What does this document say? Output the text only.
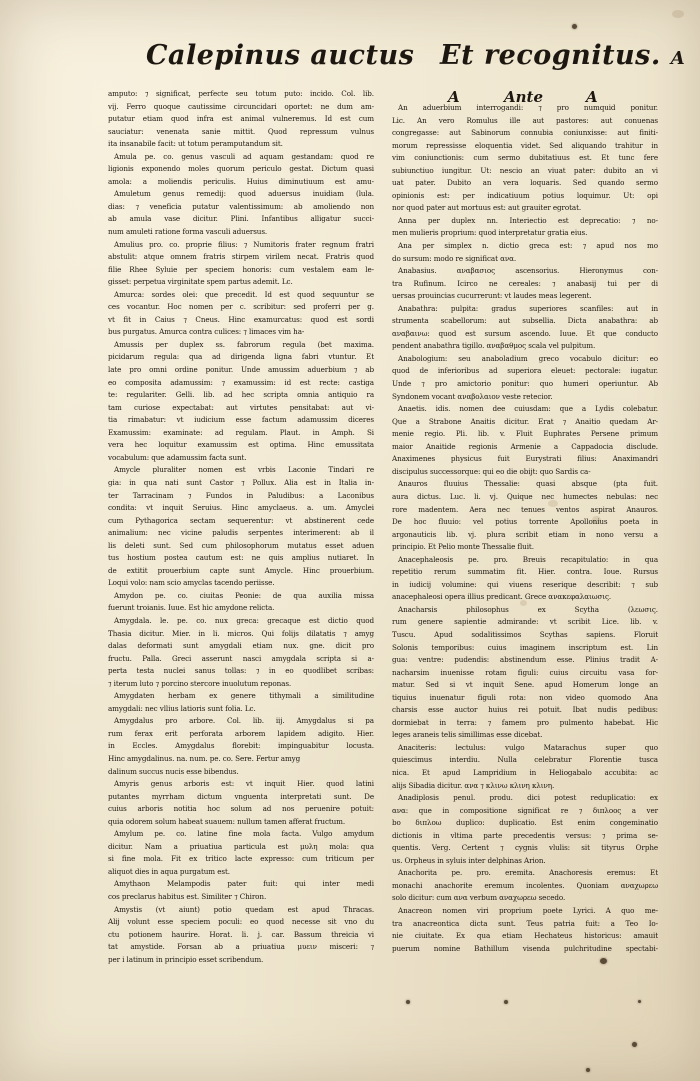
Calepinus auctus Et recognitus. A
A	Ante	A
amputo: ⁊ significat, perfecte seu totum puto: incido. Col. lib.
vij. Ferro quoque cautissime circuncidari oportet: ne dum am-
putatur etiam quod infra est animal vulneremus. Id est cum
sauciatur: venenata sanie mittit. Quod repressum vulnus
ita insanabile facit: ut totum peramputandum sit.
Amula pe. co. genus vasculi ad aquam gestandam: quod re
ligionis exponendo moles quorum periculo gestat. Dictum quasi
amola: a moliendis periculis. Huius diminutiuum est amu-
Amuletum genus remedij: quod aduersus inuidiam (lula.
dias: ⁊ veneficia putatur valentissimum: ab amoliendo non
ab amula vase dicitur. Plini. Infantibus alligatur succi-
num amuleti ratione forma vasculi aduersus.
Amulius pro. co. proprie filius: ⁊ Numitoris frater regnum fratri
abstulit: atque omnem fratris stirpem virilem necat. Fratris quod
filie Rhee Syluie per speciem honoris: cum vestalem eam le-
gisset: perpetua virginitate spem partus ademit. Lc.
Amurca: sordes olei: que precedit. Id est quod sequuntur se
ces vocantur. Hoc nomen per c. scribitur: sed proferri per g.
vt fit in Caius ⁊ Cneus. Hinc examurcatus: quod est sordi
bus purgatus. Amurca contra culices: ⁊ limaces vim ha-
Amussis per duplex ss. fabrorum regula (bet maxima.
picidarum regula: qua ad dirigenda ligna fabri vtuntur. Et
late pro omni ordine ponitur. Unde amussim aduerbium ⁊ ab
eo composita adamussim: ⁊ examussim: id est recte: castiga
te: regulariter. Gelli. lib. ad hec scripta omnia antiquio ra
tam curiose expectabat: aut virtutes pensitabat: aut vi-
tia rimabatur: vt iudicium esse factum adamussim diceres
Examussim: examinate: ad regulam. Plaut. in Amph. Si
vera hec loquitur examussim est optima. Hinc emussitata
vocabulum: que adamussim facta sunt.
Amycle pluraliter nomen est vrbis Laconie Tindari re
gia: in qua nati sunt Castor ⁊ Pollux. Alia est in Italia in-
ter Tarracinam ⁊ Fundos in Paludibus: a Laconibus
condita: vt inquit Seruius. Hinc amyclaeus. a. um. Amyclei
cum Pythagorica sectam sequerentur: vt abstinerent cede
animalium: nec vicine paludis serpentes interimerent: ab il
lis deleti sunt. Sed cum philosophorum mutatus esset aduen
tus hostium postea cautum est: ne quis amplius nutiaret. In
de extitit prouerbium capte sunt Amycle. Hinc prouerbium.
Loqui volo: nam scio amyclas tacendo periisse.
Amydon pe. co. ciuitas Peonie: de qua auxilia missa
fuerunt troianis. Iuue. Est hic amydone relicta.
Amygdala. le. pe. co. nux greca: grecaque est dictio quod
Thasia dicitur. Mier. in li. micros. Qui folijs dilatatis ⁊ amyg
dalas deformati sunt amygdali etiam nux. gne. dicit pro
fructu. Palla. Greci asserunt nasci amygdala scripta si a-
perta testa nuclei sanus tollas: ⁊ in eo quodlibet scribas:
⁊ iterum luto ⁊ porcino stercore inuolutum reponas.
Amygdaten herbam ex genere tithymali a similitudine
amygdali: nec vllius latioris sunt folia. Lc.
Amygdalus pro arbore. Col. lib. iij. Amygdalus si pa
rum ferax erit perforata arborem lapidem adigito. Hier.
in Eccles. Amygdalus florebit: impinguabitur locusta.
Hinc amygdalinus. na. num. pe. co. Sere. Fertur amyg
dalinum succus nucis esse bibendus.
Amyris genus arboris est: vt inquit Hier. quod latini
putantes myrrham dictum vnguenta interpretati sunt. De
cuius arboris notitia hoc solum ad nos peruenire potuit:
quia odorem solum habeat suauem: nullum tamen afferat fructum.
Amylum pe. co. latine fine mola facta. Vulgo amydum
dicitur. Nam a priuatiua particula est μυλη mola: qua
si fine mola. Fit ex tritico lacte expresso: cum triticum per
aliquot dies in aqua purgatum est.
Amythaon Melampodis pater fuit: qui inter medi
cos preclarus habitus est. Similiter ⁊ Chiron.
Amystis (vt aiunt) potio quedam est apud Thracas.
Alij volunt esse speciem poculi: eo quod necesse sit vno du
ctu potionem haurire. Horat. li. j. car. Bassum threicia vi
tat amystide. Forsan ab a priuatiua μυειν misceri: ⁊
per i latinum in principio esset scribendum.
An aduerbium interrogandi: ⁊ pro numquid ponitur.
Lic. An vero Romulus ille aut pastores: aut conuenas
congregasse: aut Sabinorum connubia coniunxisse: aut finiti-
morum repressisse eloquentia videt. Sed aliquando trahitur in
vim coniunctionis: cum sermo dubitatiuus est. Et tunc fere
subiunctiuo iungitur. Ut: nescio an viuat pater: dubito an vi
uat pater. Dubito an vera loquaris. Sed quando sermo
opinionis est: per indicatiuum potius loquimur. Ut: opi
nor quod pater aut mortuus est: aut grauiter egrotat.
Anna per duplex nn. Interiectio est deprecatio: ⁊ no-
men mulieris proprium: quod interpretatur gratia eius.
Ana per simplex n. dictio greca est: ⁊ apud nos mo
do sursum: modo re significat ανα.
Anabasius. αναβασιος ascensorius. Hieronymus con-
tra Rufinum. Icirco ne cereales: ⁊ anabasij tui per di
uersas prouincias cucurrerunt: vt laudes meas legerent.
Anabathra: pulpita: gradus superiores scanfiles: aut in
strumenta scabellorum: aut subsellia. Dicta anabathra: ab
αναβαινω: quod est sursum ascendo. Iuue. Et que conducto
pendent anabathra tigillo. αναβαθμος scala vel pulpitum.
Anabologium: seu anaboladium greco vocabulo dicitur: eo
quod de inferioribus ad superiora eleuet: pectorale: iugatur.
Unde ⁊ pro amictorio ponitur: quo humeri operiuntur. Ab
Syndonem vocant αναβολαιον veste retecior.
Anaetis. idis. nomen dee cuiusdam: que a Lydis colebatur.
Que a Strabone Anaitis dicitur. Erat ⁊ Anaitio quedam Ar-
menie regio. Pli. lib. v. Fluit Euphrates Persene primum
maior Anaitide regionis Armenie a Cappadocia disclude.
Anaximenes physicus fuit Eurystrati filius: Anaximandri
discipulus successorque: qui eo die obijt: quo Sardis ca-
Anauros fluuius Thessalie: quasi absque (pta fuit.
aura dictus. Luc. li. vj. Quique nec humectes nebulas: nec
rore madentem. Aera nec tenues ventos aspirat Anauros.
De hoc fluuio: vel potius torrente Apollonius poeta in
argonauticis lib. vj. plura scribit etiam in nono versu a
principio. Et Pelio monte Thessalie fluit.
Anacephaleosis pe. pro. Breuis recapitulatio: in qua
repetitio rerum summatim fit. Hier. contra. Ioue. Rursus
in iudicij volumine: qui viuens reserique describit: ⁊ sub
anacephaleosi opera illius predicant. Grece ανακεφαλαιωσις.
Anacharsis philosophus ex Scytha (λεωσις.
rum genere sapientie admirande: vt scribit Lice. lib. v.
Tuscu. Apud sodalitissimos Scythas sapiens. Floruit
Solonis temporibus: cuius imaginem inscriptum est. Lin
gua: ventre: pudendis: abstinendum esse. Plinius tradit A-
nacharsim inuenisse rotam figuli: cuius circuitu vasa for-
matur. Sed si vt inquit Sene. apud Homerum longe an
tiquius inuenatur figuli rota: non video quomodo Ana
charsis esse auctor huius rei potuit. Ibat nudis pedibus:
dormiebat in terra: ⁊ famem pro pulmento habebat. Hic
leges araneis telis simillimas esse dicebat.
Anaciteris: lectulus: vulgo Matarachus super quo
quiescimus interdiu. Nulla celebratur Florentie tusca
nica. Et apud Lampridium in Heliogabalo accubita: ac
alijs Sibadia dicitur. ανα ⁊ κλινω κλινη κλινη.
Anadiplosis penul. produ. dici potest reduplicatio: ex
ανα: que in compositione significat re ⁊ διπλοος a ver
bo διπλοω duplico: duplicatio. Est enim congeminatio
dictionis in vltima parte precedentis versus: ⁊ prima se-
quentis. Verg. Certent ⁊ cygnis vlulis: sit tityrus Orphe
us. Orpheus in syluis inter delphinas Arion.
Anachorita pe. pro. eremita. Anachoresis eremus: Et
monachi anachorite eremum incolentes. Quoniam αναχωρεω
solo dicitur: cum ανα verbum αναχωρεω secedo.
Anacreon nomen viri proprium poete Lyrici. A quo me-
tra anacreontica dicta sunt. Teus patria fuit: a Teo Io-
nie ciuitate. Ex qua etiam Hechateus historicus: amauit
puerum nomine Bathillum visenda pulchritudine spectabi-
